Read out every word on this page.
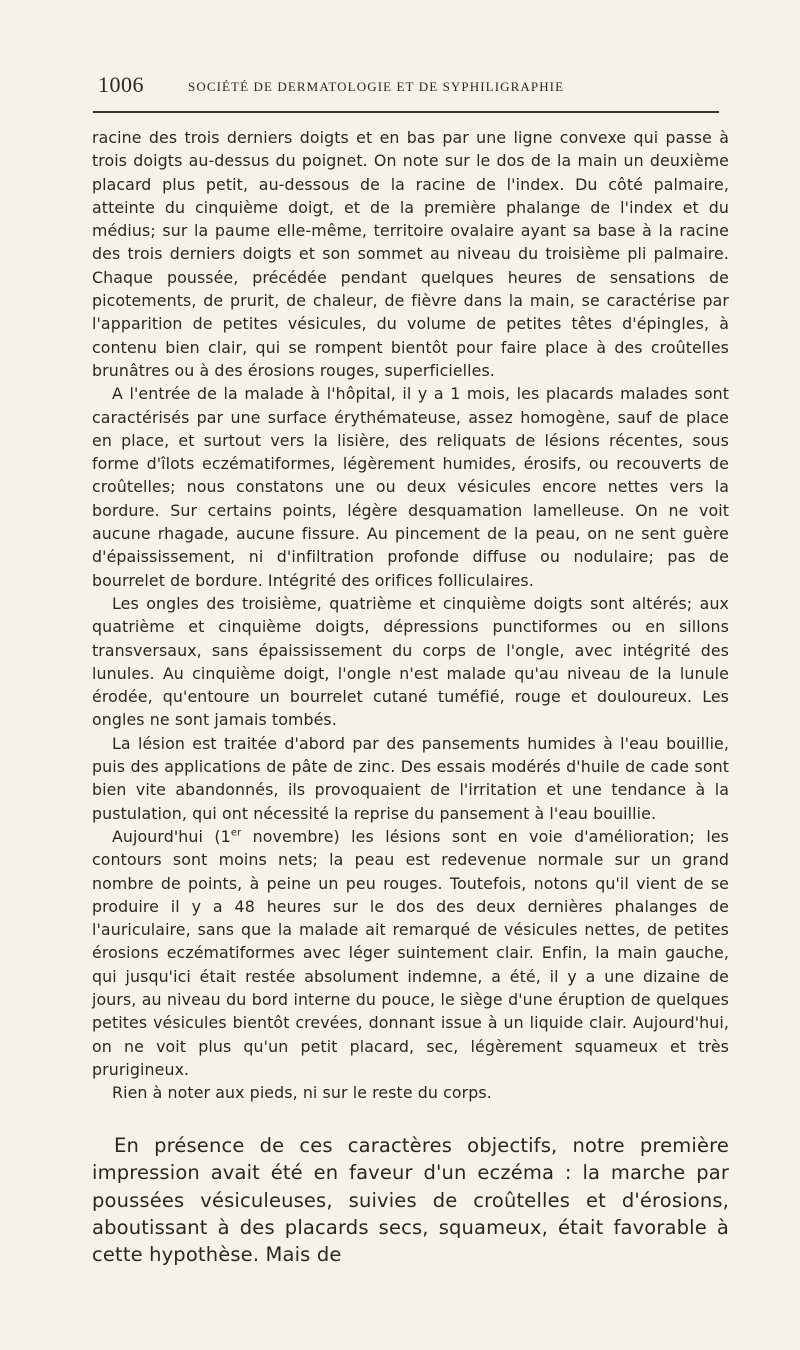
1006	SOCIÉTÉ DE DERMATOLOGIE ET DE SYPHILIGRAPHIE

racine des trois derniers doigts et en bas par une ligne convexe qui passe à trois doigts au-dessus du poignet. On note sur le dos de la main un deuxième placard plus petit, au-dessous de la racine de l'index. Du côté palmaire, atteinte du cinquième doigt, et de la première phalange de l'index et du médius; sur la paume elle-même, territoire ovalaire ayant sa base à la racine des trois derniers doigts et son sommet au niveau du troisième pli palmaire. Chaque poussée, précédée pendant quelques heures de sensations de picotements, de prurit, de chaleur, de fièvre dans la main, se caractérise par l'apparition de petites vésicules, du volume de petites têtes d'épingles, à contenu bien clair, qui se rompent bientôt pour faire place à des croûtelles brunâtres ou à des érosions rouges, superficielles.

A l'entrée de la malade à l'hôpital, il y a 1 mois, les placards malades sont caractérisés par une surface érythémateuse, assez homogène, sauf de place en place, et surtout vers la lisière, des reliquats de lésions récentes, sous forme d'îlots eczématiformes, légèrement humides, érosifs, ou recouverts de croûtelles; nous constatons une ou deux vésicules encore nettes vers la bordure. Sur certains points, légère desquamation lamelleuse. On ne voit aucune rhagade, aucune fissure. Au pincement de la peau, on ne sent guère d'épaississement, ni d'infiltration profonde diffuse ou nodulaire; pas de bourrelet de bordure. Intégrité des orifices folliculaires.

Les ongles des troisième, quatrième et cinquième doigts sont altérés; aux quatrième et cinquième doigts, dépressions punctiformes ou en sillons transversaux, sans épaississement du corps de l'ongle, avec intégrité des lunules. Au cinquième doigt, l'ongle n'est malade qu'au niveau de la lunule érodée, qu'entoure un bourrelet cutané tuméfié, rouge et douloureux. Les ongles ne sont jamais tombés.

La lésion est traitée d'abord par des pansements humides à l'eau bouillie, puis des applications de pâte de zinc. Des essais modérés d'huile de cade sont bien vite abandonnés, ils provoquaient de l'irritation et une tendance à la pustulation, qui ont nécessité la reprise du pansement à l'eau bouillie.

Aujourd'hui (1er novembre) les lésions sont en voie d'amélioration; les contours sont moins nets; la peau est redevenue normale sur un grand nombre de points, à peine un peu rouges. Toutefois, notons qu'il vient de se produire il y a 48 heures sur le dos des deux dernières phalanges de l'auriculaire, sans que la malade ait remarqué de vésicules nettes, de petites érosions eczématiformes avec léger suintement clair. Enfin, la main gauche, qui jusqu'ici était restée absolument indemne, a été, il y a une dizaine de jours, au niveau du bord interne du pouce, le siège d'une éruption de quelques petites vésicules bientôt crevées, donnant issue à un liquide clair. Aujourd'hui, on ne voit plus qu'un petit placard, sec, légèrement squameux et très prurigineux.

Rien à noter aux pieds, ni sur le reste du corps.

En présence de ces caractères objectifs, notre première impression avait été en faveur d'un eczéma : la marche par poussées vésiculeuses, suivies de croûtelles et d'érosions, aboutissant à des placards secs, squameux, était favorable à cette hypothèse. Mais de
